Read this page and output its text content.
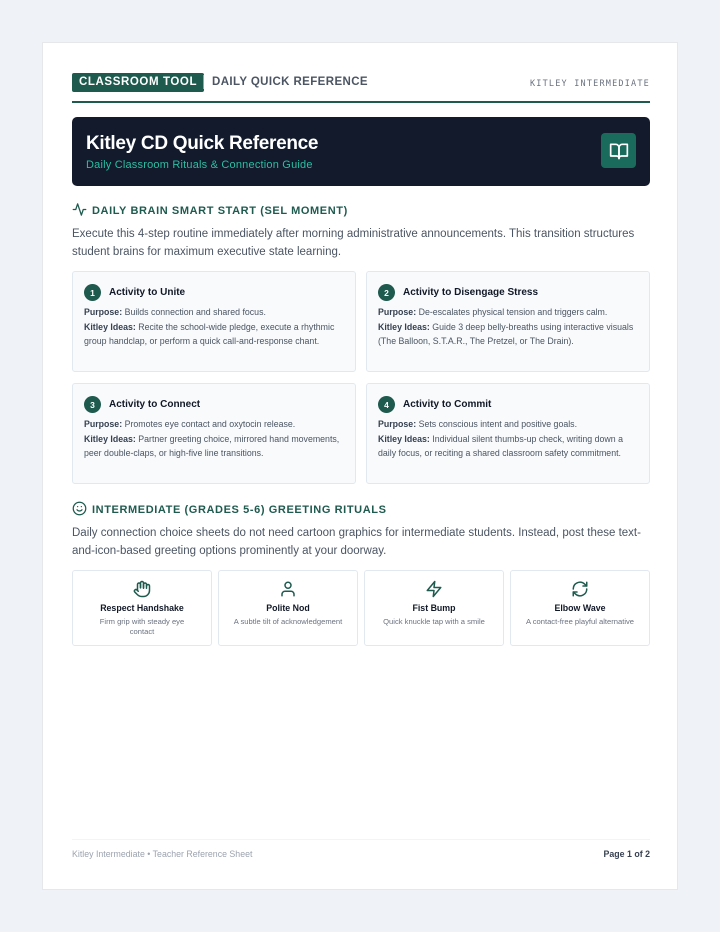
CLASSROOM TOOL	DAILY QUICK REFERENCE	KITLEY INTERMEDIATE
Kitley CD Quick Reference
Daily Classroom Rituals & Connection Guide
DAILY BRAIN SMART START (SEL MOMENT)

Execute this 4-step routine immediately after morning administrative announcements. This transition structures student brains for maximum executive state learning.

1	Activity to Unite
Purpose: Builds connection and shared focus.
Kitley Ideas: Recite the school-wide pledge, execute a rhythmic group handclap, or perform a quick call-and-response chant.
2	Activity to Disengage Stress
Purpose: De-escalates physical tension and triggers calm.
Kitley Ideas: Guide 3 deep belly-breaths using interactive visuals (The Balloon, S.T.A.R., The Pretzel, or The Drain).
3	Activity to Connect
Purpose: Promotes eye contact and oxytocin release.
Kitley Ideas: Partner greeting choice, mirrored hand movements, peer double-claps, or high-five line transitions.
4	Activity to Commit
Purpose: Sets conscious intent and positive goals.
Kitley Ideas: Individual silent thumbs-up check, writing down a daily focus, or reciting a shared classroom safety commitment.
INTERMEDIATE (GRADES 5-6) GREETING RITUALS

Daily connection choice sheets do not need cartoon graphics for intermediate students. Instead, post these text-and-icon-based greeting options prominently at your doorway.

Respect Handshake
Firm grip with steady eye contact
Polite Nod
A subtle tilt of acknowledgement
Fist Bump
Quick knuckle tap with a smile
Elbow Wave
A contact-free playful alternative
Kitley Intermediate • Teacher Reference Sheet	Page 1 of 2
